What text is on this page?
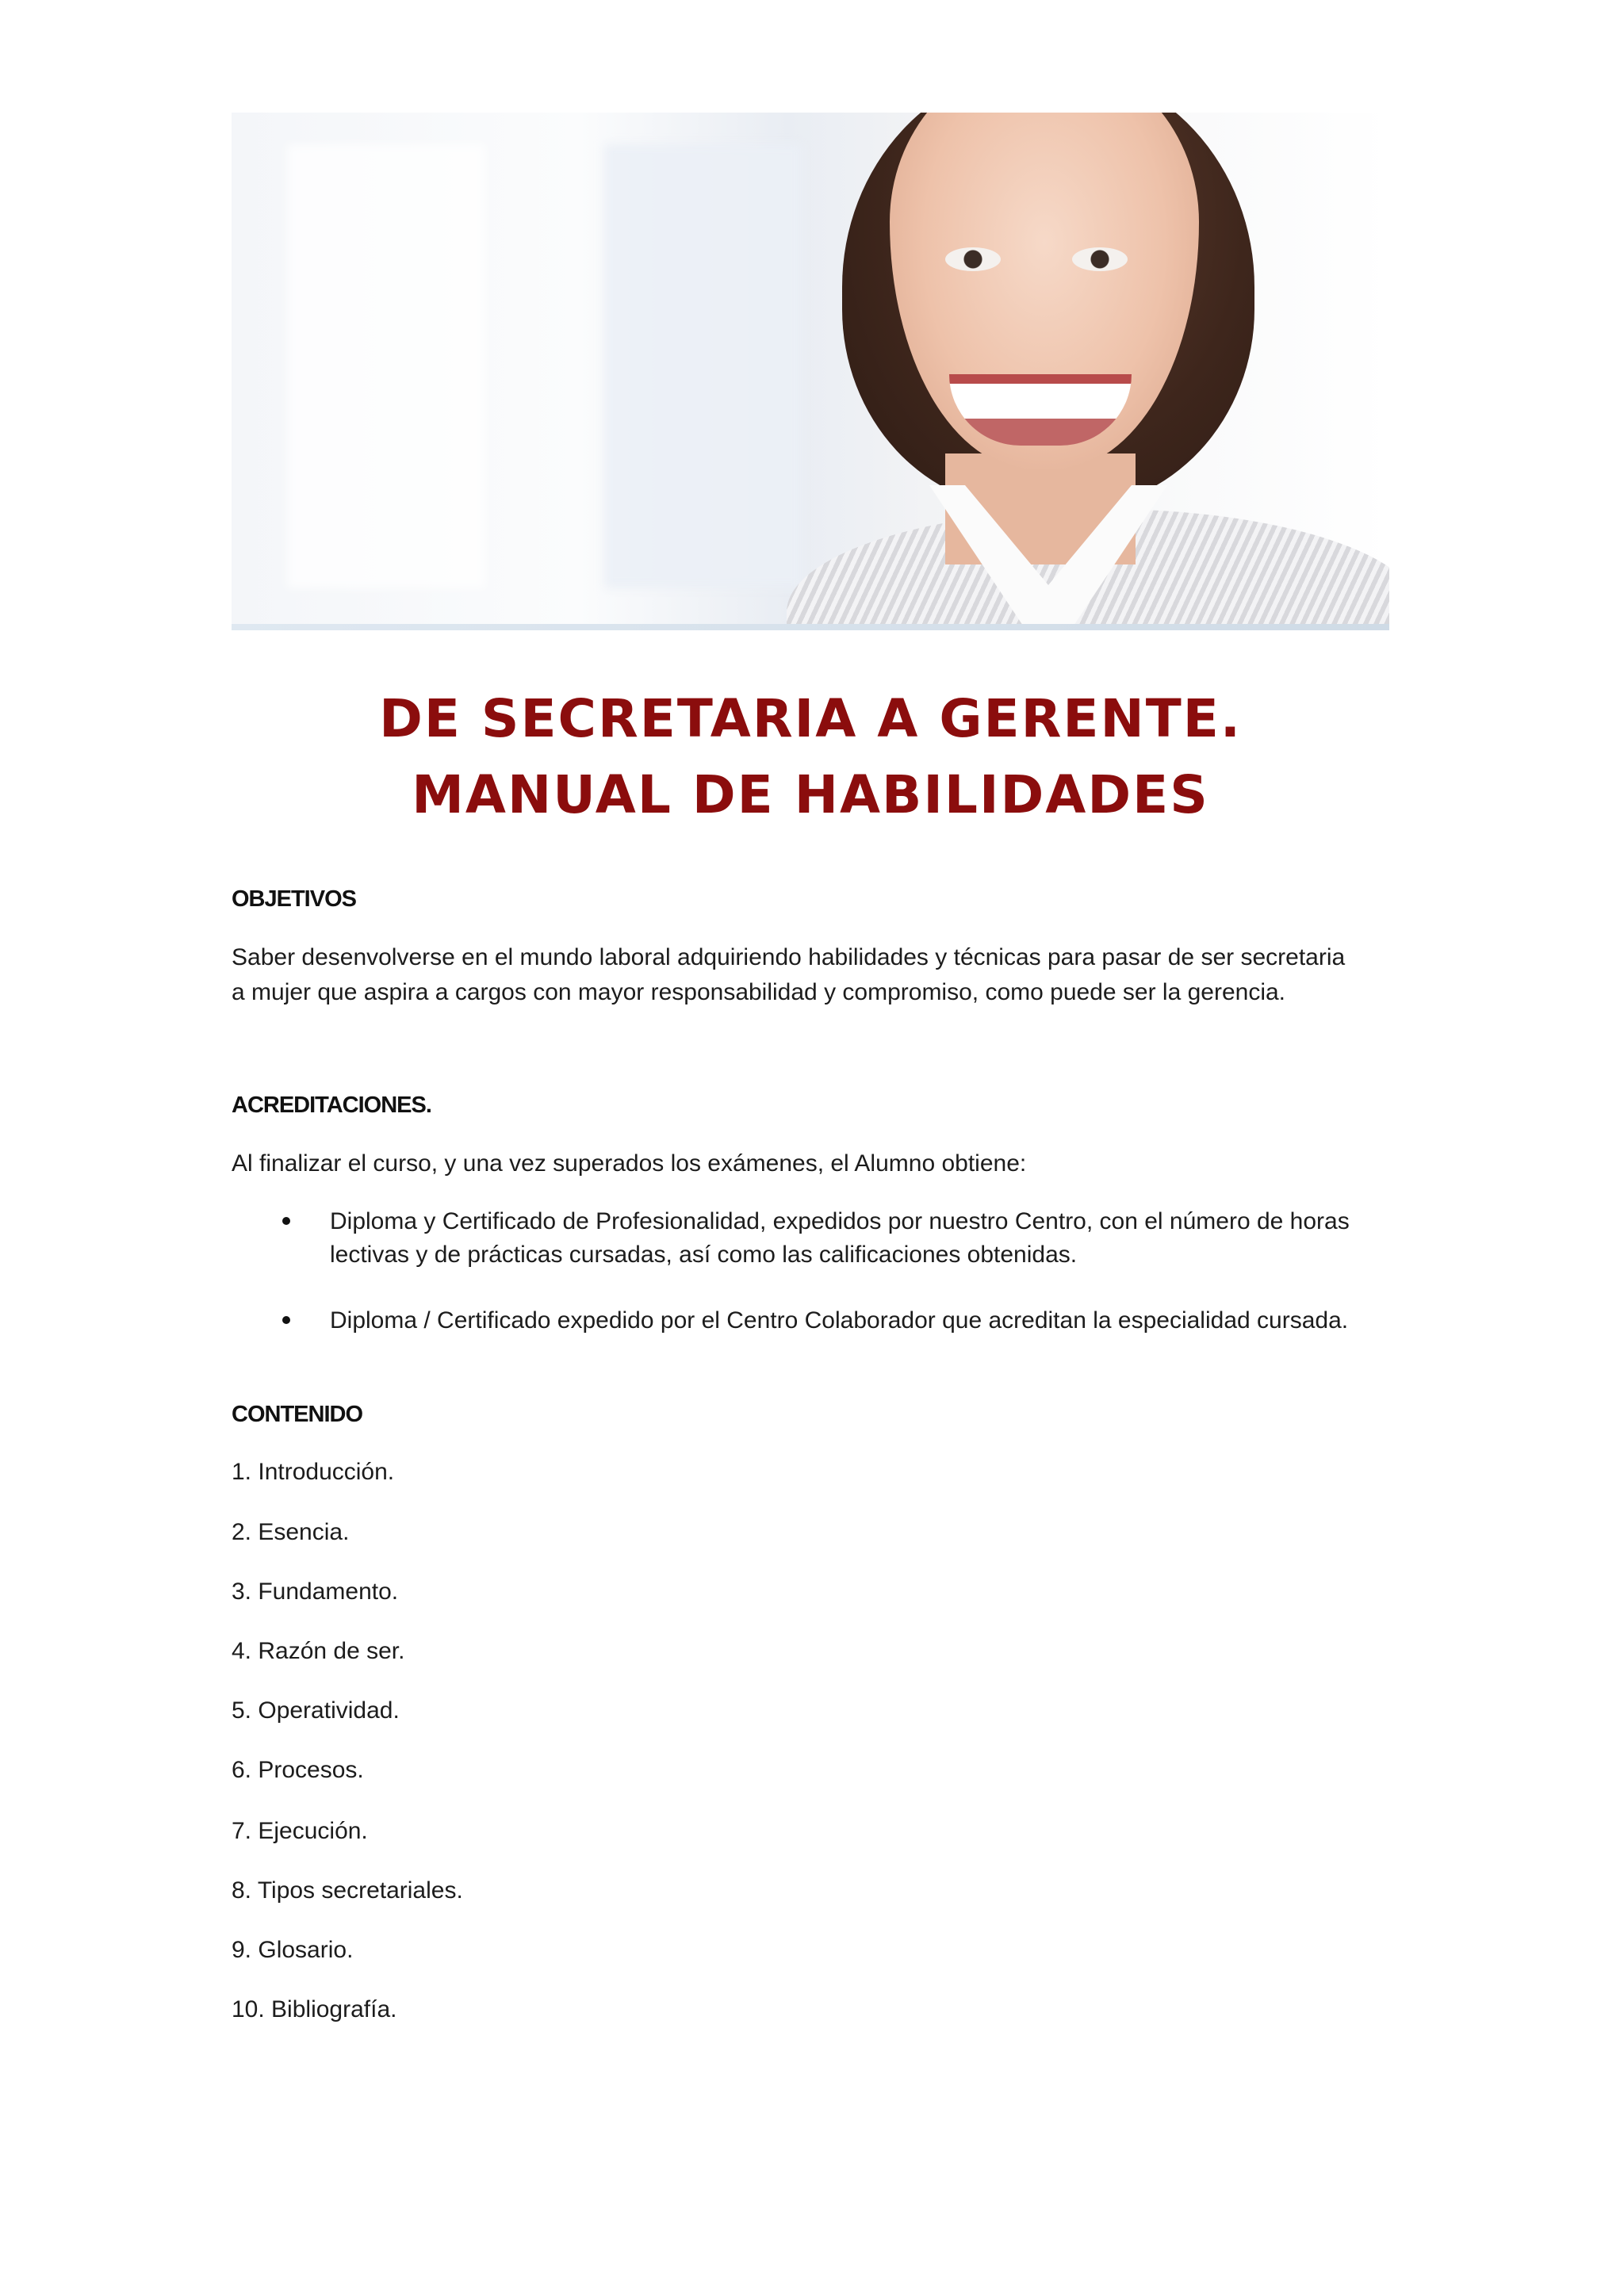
DE SECRETARIA A GERENTE.
MANUAL DE HABILIDADES
OBJETIVOS
Saber desenvolverse en el mundo laboral adquiriendo habilidades y técnicas para pasar de ser secretaria
a mujer que aspira a cargos con mayor responsabilidad y compromiso, como puede ser la gerencia.
ACREDITACIONES.
Al finalizar el curso, y una vez superados los exámenes, el Alumno obtiene:
Diploma y Certificado de Profesionalidad, expedidos por nuestro Centro, con el número de horas
lectivas y de prácticas cursadas, así como las calificaciones obtenidas.
Diploma / Certificado expedido por el Centro Colaborador que acreditan la especialidad cursada.
CONTENIDO
1. Introducción.
2. Esencia.
3. Fundamento.
4. Razón de ser.
5. Operatividad.
6. Procesos.
7. Ejecución.
8. Tipos secretariales.
9. Glosario.
10. Bibliografía.
